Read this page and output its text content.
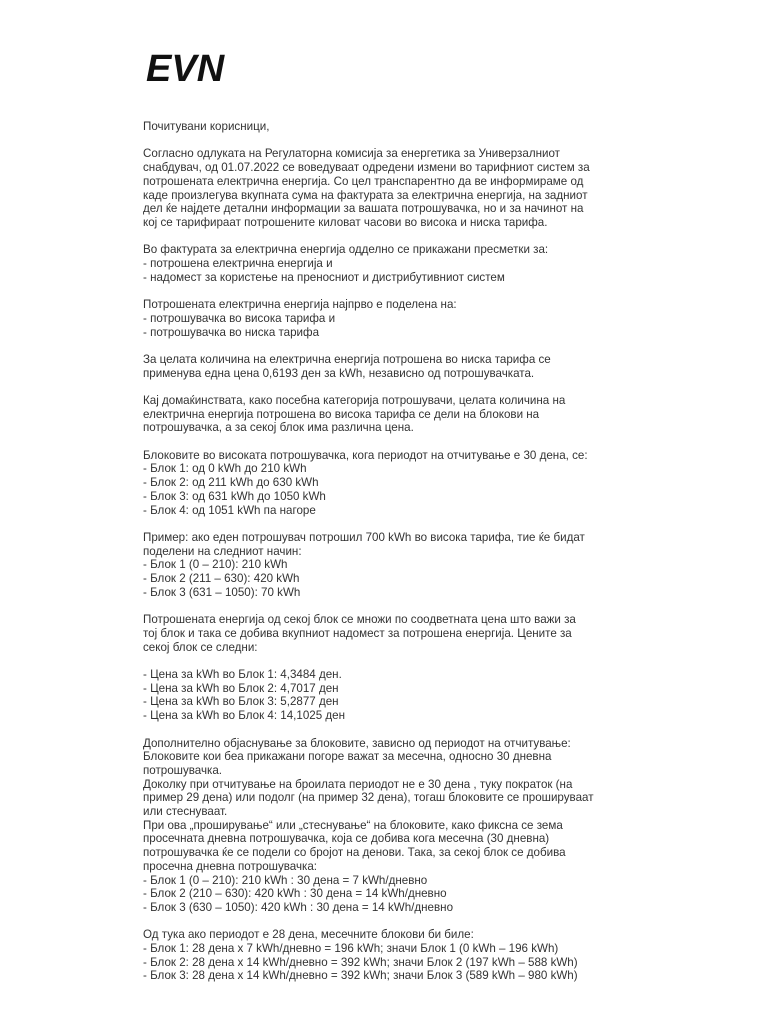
EVN
Почитувани корисници,
Согласно одлуката на Регулаторна комисија за енергетика за Универзалниот
снабдувач, од 01.07.2022 се воведуваат одредени измени во тарифниот систем за
потрошената електрична енергија. Со цел транспарентно да ве информираме од
каде произлегува вкупната сума на фактурата за електрична енергија, на задниот
дел ќе најдете детални информации за вашата потрошувачка, но и за начинот на
кој се тарифираат потрошените киловат часови во висока и ниска тарифа.
Во фактурата за електрична енергија одделно се прикажани пресметки за:
- потрошена електрична енергија и
- надомест за користење на преносниот и дистрибутивниот систем
Потрошената електрична енергија најпрво е поделена на:
- потрошувачка во висока тарифа и
- потрошувачка во ниска тарифа
За целата количина на електрична енергија потрошена во ниска тарифа се
применува една цена 0,6193 ден за kWh, независно од потрошувачката.
Кај домаќинствата, како посебна категорија потрошувачи, целата количина на
електрична енергија потрошена во висока тарифа се дели на блокови на
потрошувачка, а за секој блок има различна цена.
Блоковите во високата потрошувачка, кога периодот на отчитување е 30 дена, се:
- Блок 1: од 0 kWh до 210 kWh
- Блок 2: од 211 kWh до 630 kWh
- Блок 3: од 631 kWh до 1050 kWh
- Блок 4: од 1051 kWh па нагоре
Пример: ако еден потрошувач потрошил 700 kWh во висока тарифа, тие ќе бидат
поделени на следниот начин:
- Блок 1 (0 – 210): 210 kWh
- Блок 2 (211 – 630): 420 kWh
- Блок 3 (631 – 1050): 70 kWh
Потрошената енергија од секој блок се множи по соодветната цена што важи за
тој блок и така се добива вкупниот надомест за потрошена енергија. Цените за
секој блок се следни:

- Цена за kWh во Блок 1: 4,3484 ден.
- Цена за kWh во Блок 2: 4,7017 ден
- Цена за kWh во Блок 3: 5,2877 ден
- Цена за kWh во Блок 4: 14,1025 ден
Дополнително објаснување за блоковите, зависно од периодот на отчитување:
Блоковите кои беа прикажани погоре важат за месечна, односно 30 дневна
потрошувачка.
Доколку при отчитување на броилата периодот не е 30 дена , туку пократок (на
пример 29 дена) или подолг (на пример 32 дена), тогаш блоковите се прошируваат
или стеснуваат.
При ова „проширување“ или „стеснување“ на блоковите, како фиксна се зема
просечната дневна потрошувачка, која се добива кога месечна (30 дневна)
потрошувачка ќе се подели со бројот на денови. Така, за секој блок се добива
просечна дневна потрошувачка:
- Блок 1 (0 – 210): 210 kWh : 30 дена = 7 kWh/дневно
- Блок 2 (210 – 630): 420 kWh : 30 дена = 14 kWh/дневно
- Блок 3 (630 – 1050): 420 kWh : 30 дена = 14 kWh/дневно
Од тука ако периодот е 28 дена, месечните блокови би биле:
- Блок 1: 28 дена x 7 kWh/дневно = 196 kWh; значи Блок 1 (0 kWh – 196 kWh)
- Блок 2: 28 дена x 14 kWh/дневно = 392 kWh; значи Блок 2 (197 kWh – 588 kWh)
- Блок 3: 28 дена x 14 kWh/дневно = 392 kWh; значи Блок 3 (589 kWh – 980 kWh)
